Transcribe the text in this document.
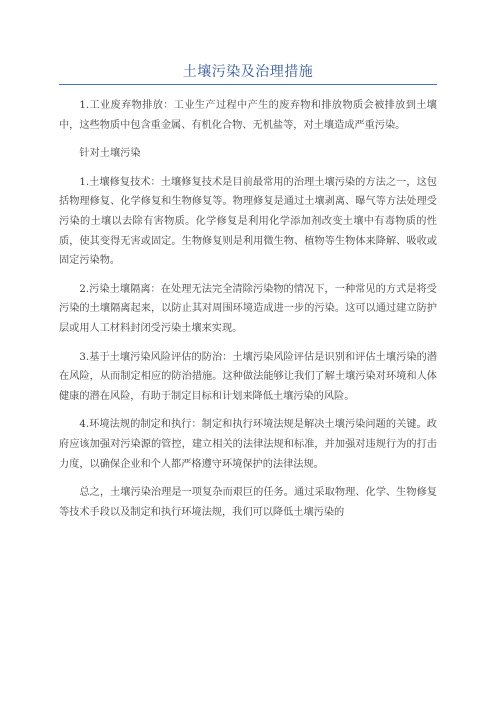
土壤污染及治理措施

1.工业废弃物排放：工业生产过程中产生的废弃物和排放物质会被排放到土壤中，这些物质中包含重金属、有机化合物、无机盐等，对土壤造成严重污染。

针对土壤污染

1.土壤修复技术：土壤修复技术是目前最常用的治理土壤污染的方法之一，这包括物理修复、化学修复和生物修复等。物理修复是通过土壤剥离、曝气等方法处理受污染的土壤以去除有害物质。化学修复是利用化学添加剂改变土壤中有毒物质的性质，使其变得无害或固定。生物修复则是利用微生物、植物等生物体来降解、吸收或固定污染物。

2.污染土壤隔离：在处理无法完全清除污染物的情况下，一种常见的方式是将受污染的土壤隔离起来，以防止其对周围环境造成进一步的污染。这可以通过建立防护层或用人工材料封闭受污染土壤来实现。

3.基于土壤污染风险评估的防治：土壤污染风险评估是识别和评估土壤污染的潜在风险，从而制定相应的防治措施。这种做法能够让我们了解土壤污染对环境和人体健康的潜在风险，有助于制定目标和计划来降低土壤污染的风险。

4.环境法规的制定和执行：制定和执行环境法规是解决土壤污染问题的关键。政府应该加强对污染源的管控，建立相关的法律法规和标准，并加强对违规行为的打击力度，以确保企业和个人都严格遵守环境保护的法律法规。

总之，土壤污染治理是一项复杂而艰巨的任务。通过采取物理、化学、生物修复等技术手段以及制定和执行环境法规，我们可以降低土壤污染的
